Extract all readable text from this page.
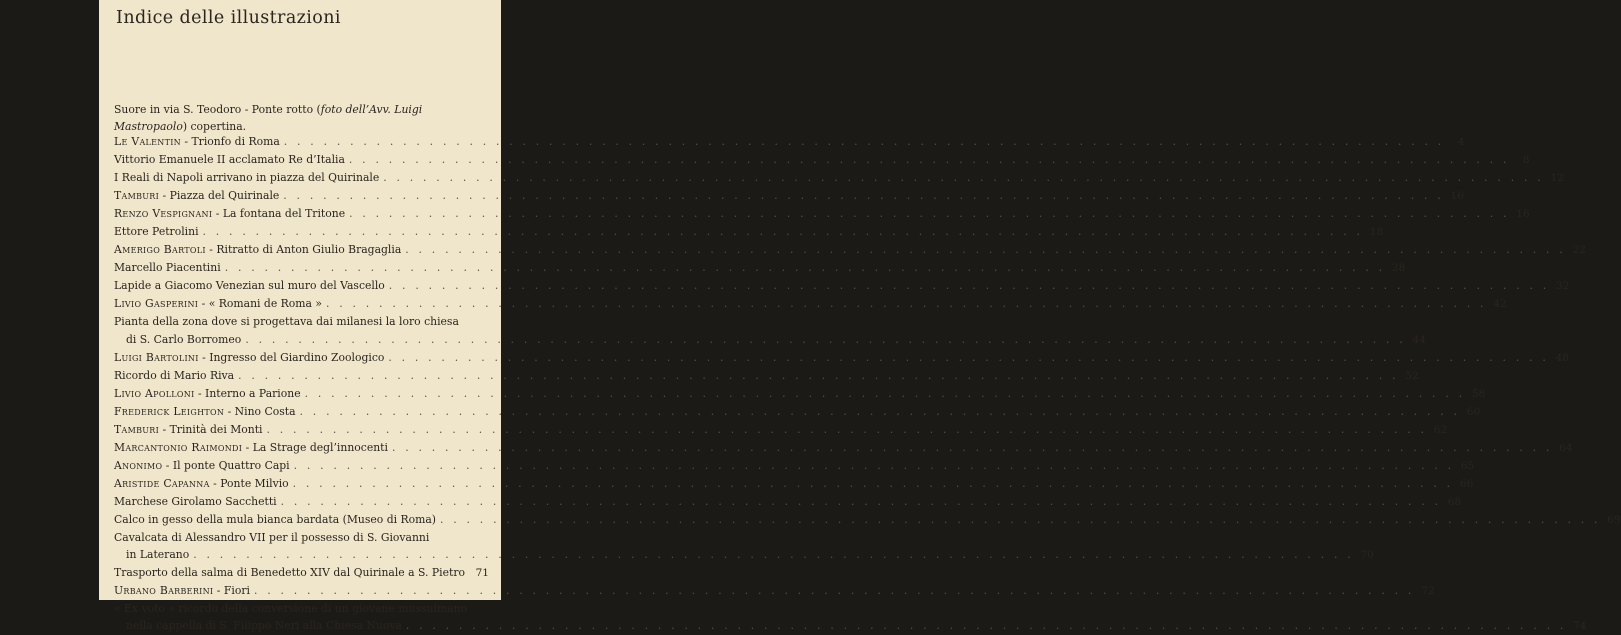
Indice delle illustrazioni
Suore in via S. Teodoro - Ponte rotto (foto dell’Avv. Luigi
Mastropaolo) copertina.
Le Valentin - Trionfo di Roma . . .	4
Vittorio Emanuele II acclamato Re d’Italia . . .	8
I Reali di Napoli arrivano in piazza del Quirinale . . .	12
Tamburi - Piazza del Quirinale . . .	16
Renzo Vespignani - La fontana del Tritone . . .	16
Ettore Petrolini . . .	18
Amerigo Bartoli - Ritratto di Anton Giulio Bragaglia . . .	22
Marcello Piacentini . . .	28
Lapide a Giacomo Venezian sul muro del Vascello . . .	32
Livio Gasperini - « Romani de Roma » . . .	42
Pianta della zona dove si progettava dai milanesi la loro chiesa
di S. Carlo Borromeo . . .	44
Luigi Bartolini - Ingresso del Giardino Zoologico . . .	48
Ricordo di Mario Riva . . .	52
Livio Apolloni - Interno a Parione . . .	58
Frederick Leighton - Nino Costa . . .	60
Tamburi - Trinità dei Monti . . .	62
Marcantonio Raimondi - La Strage degl’innocenti . . .	64
Anonimo - Il ponte Quattro Capi . . .	65
Aristide Capanna - Ponte Milvio . . .	66
Marchese Girolamo Sacchetti . . .	68
Calco in gesso della mula bianca bardata (Museo di Roma) . . .	69
Cavalcata di Alessandro VII per il possesso di S. Giovanni
in Laterano . . .	70
Trasporto della salma di Benedetto XIV dal Quirinale a S. Pietro	71
Urbano Barberini - Fiori . . .	72
« Ex voto » ricordo della conversione di un giovane mussulmano
nella cappella di S. Filippo Neri alla Chiesa Nuova . . .	74
